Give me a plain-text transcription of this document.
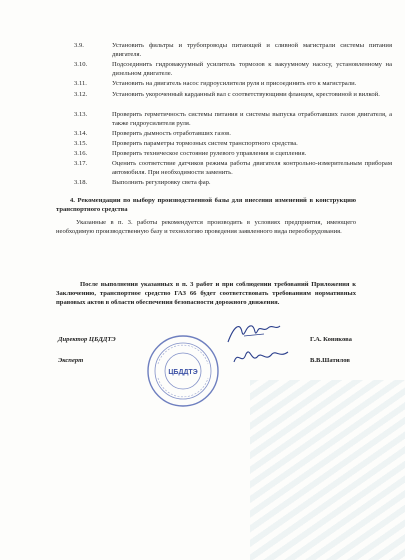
3.9.	Установить фильтры и трубопроводы питающей и сливной магистрали системы питания двигателя.
3.10.	Подсоединить гидровакуумный усилитель тормозов к вакуумному насосу, установленному на дизельном двигателе.
3.11.	Установить на двигатель насос гидроусилителя руля и присоединить его к магистрали.
3.12.	Установить укороченный карданный вал с соответствующими фланцем, крестовиной и вилкой.
3.13.	Проверить герметичность системы питания и системы выпуска отработавших газов двигателя, а также гидроусилителя руля.
3.14.	Проверить дымность отработавших газов.
3.15.	Проверить параметры тормозных систем транспортного средства.
3.16.	Проверить техническое состояние рулевого управления и сцепления.
3.17.	Оценить соответствие датчиков режима работы двигателя контрольно-измерительным приборам автомобиля. При необходимости заменить.
3.18.	Выполнить регулировку света фар.
4. Рекомендации по выбору производственной базы для внесения изменений в конструкцию транспортного средства
Указанные в п. 3. работы рекомендуется производить в условиях предприятия, имеющего необходимую производственную базу и технологию проведения заявленного вида переоборудования.
После выполнения указанных в п. 3 работ и при соблюдении требований Приложения к Заключению, транспортное средство ГАЗ 66 будет соответствовать требованиям нормативных правовых актов в области обеспечения безопасности дорожного движения.
Директор ЦБДДТЭ	Г.А. Конякова
Эксперт	В.В.Шатилов
ЦБДДТЭ
